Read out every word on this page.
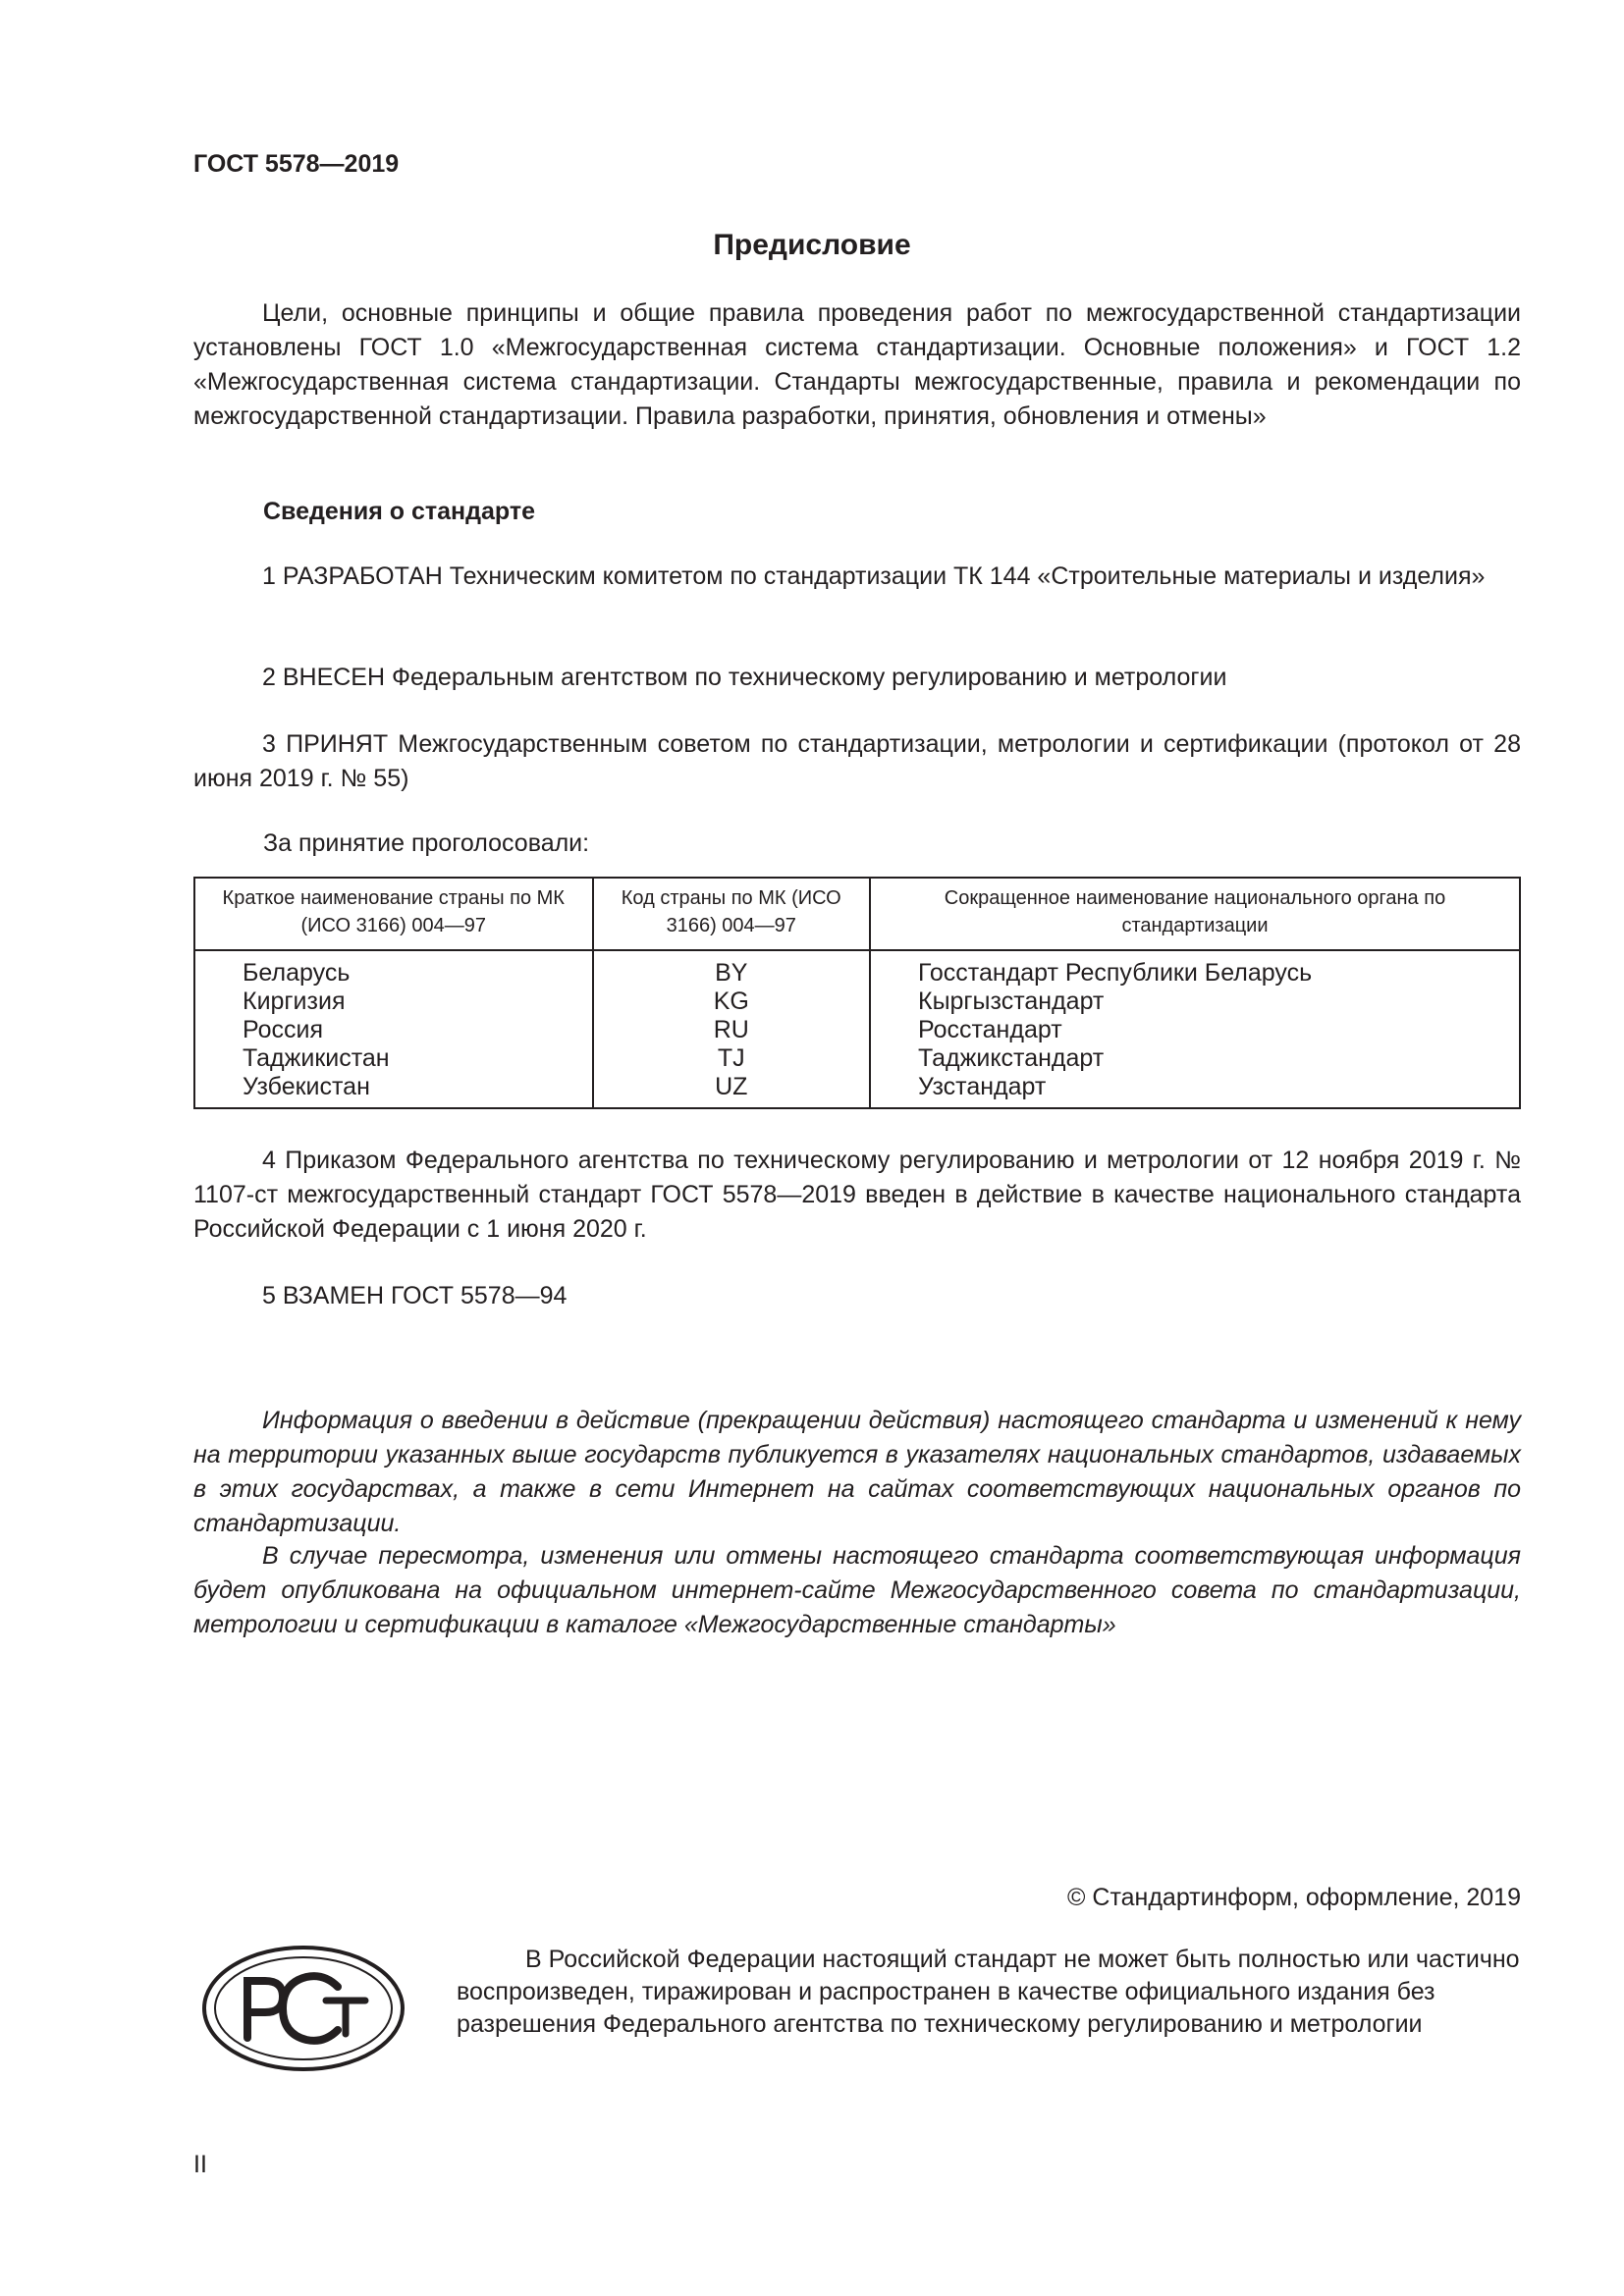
ГОСТ 5578—2019
Предисловие

Цели, основные принципы и общие правила проведения работ по межгосударственной стандартизации установлены ГОСТ 1.0 «Межгосударственная система стандартизации. Основные положения» и ГОСТ 1.2 «Межгосударственная система стандартизации. Стандарты межгосударственные, правила и рекомендации по межгосударственной стандартизации. Правила разработки, принятия, обновления и отмены»

Сведения о стандарте

1 РАЗРАБОТАН Техническим комитетом по стандартизации ТК 144 «Строительные материалы и изделия»

2 ВНЕСЕН Федеральным агентством по техническому регулированию и метрологии

3 ПРИНЯТ Межгосударственным советом по стандартизации, метрологии и сертификации (протокол от 28 июня 2019 г. № 55)

За принятие проголосовали:
Краткое наименование страны по МК (ИСО 3166) 004—97	Код страны по МК (ИСО 3166) 004—97	Сокращенное наименование национального органа по стандартизации
Беларусь	BY	Госстандарт Республики Беларусь
Киргизия	KG	Кыргызстандарт
Россия	RU	Росстандарт
Таджикистан	TJ	Таджикстандарт
Узбекистан	UZ	Узстандарт

4 Приказом Федерального агентства по техническому регулированию и метрологии от 12 ноября 2019 г. № 1107-ст межгосударственный стандарт ГОСТ 5578—2019 введен в действие в качестве национального стандарта Российской Федерации с 1 июня 2020 г.

5 ВЗАМЕН ГОСТ 5578—94

Информация о введении в действие (прекращении действия) настоящего стандарта и изменений к нему на территории указанных выше государств публикуется в указателях национальных стандартов, издаваемых в этих государствах, а также в сети Интернет на сайтах соответствующих национальных органов по стандартизации.

В случае пересмотра, изменения или отмены настоящего стандарта соответствующая информация будет опубликована на официальном интернет-сайте Межгосударственного совета по стандартизации, метрологии и сертификации в каталоге «Межгосударственные стандарты»

© Стандартинформ, оформление, 2019

В Российской Федерации настоящий стандарт не может быть полностью или частично воспроизведен, тиражирован и распространен в качестве официального издания без разрешения Федерального агентства по техническому регулированию и метрологии

II
